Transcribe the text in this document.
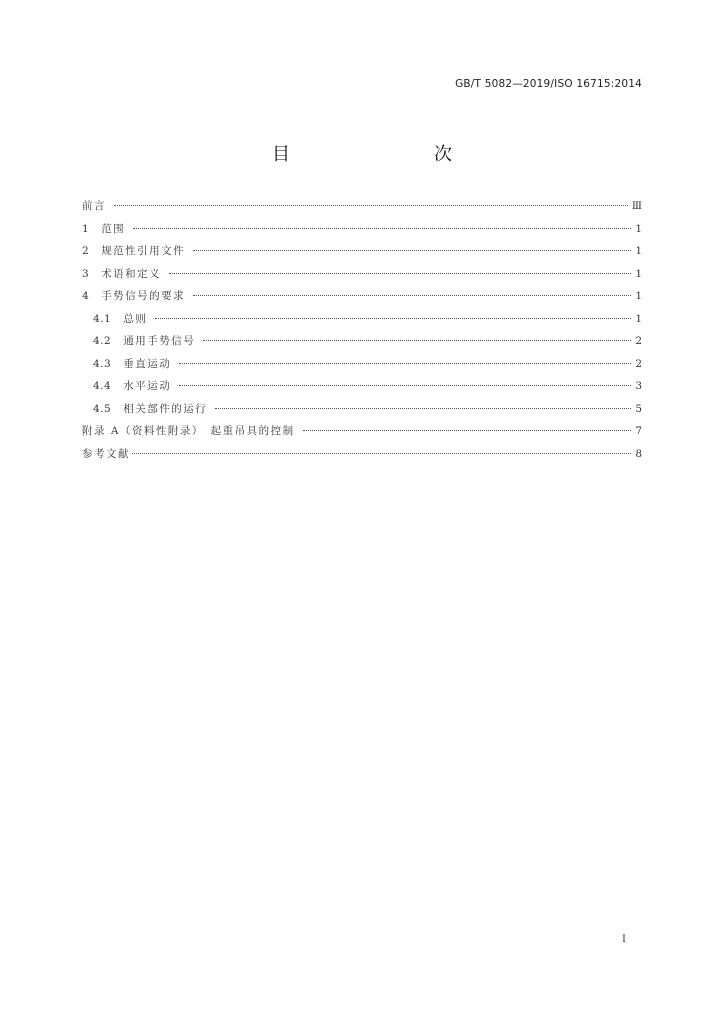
GB/T 5082—2019/ISO 16715:2014
目　　次
前言	Ⅲ
1 范围	1
2 规范性引用文件	1
3 术语和定义	1
4 手势信号的要求	1
4.1 总则	1
4.2 通用手势信号	2
4.3 垂直运动	2
4.4 水平运动	3
4.5 相关部件的运行	5
附录 A（资料性附录）　起重吊具的控制	7
参考文献	8
I
